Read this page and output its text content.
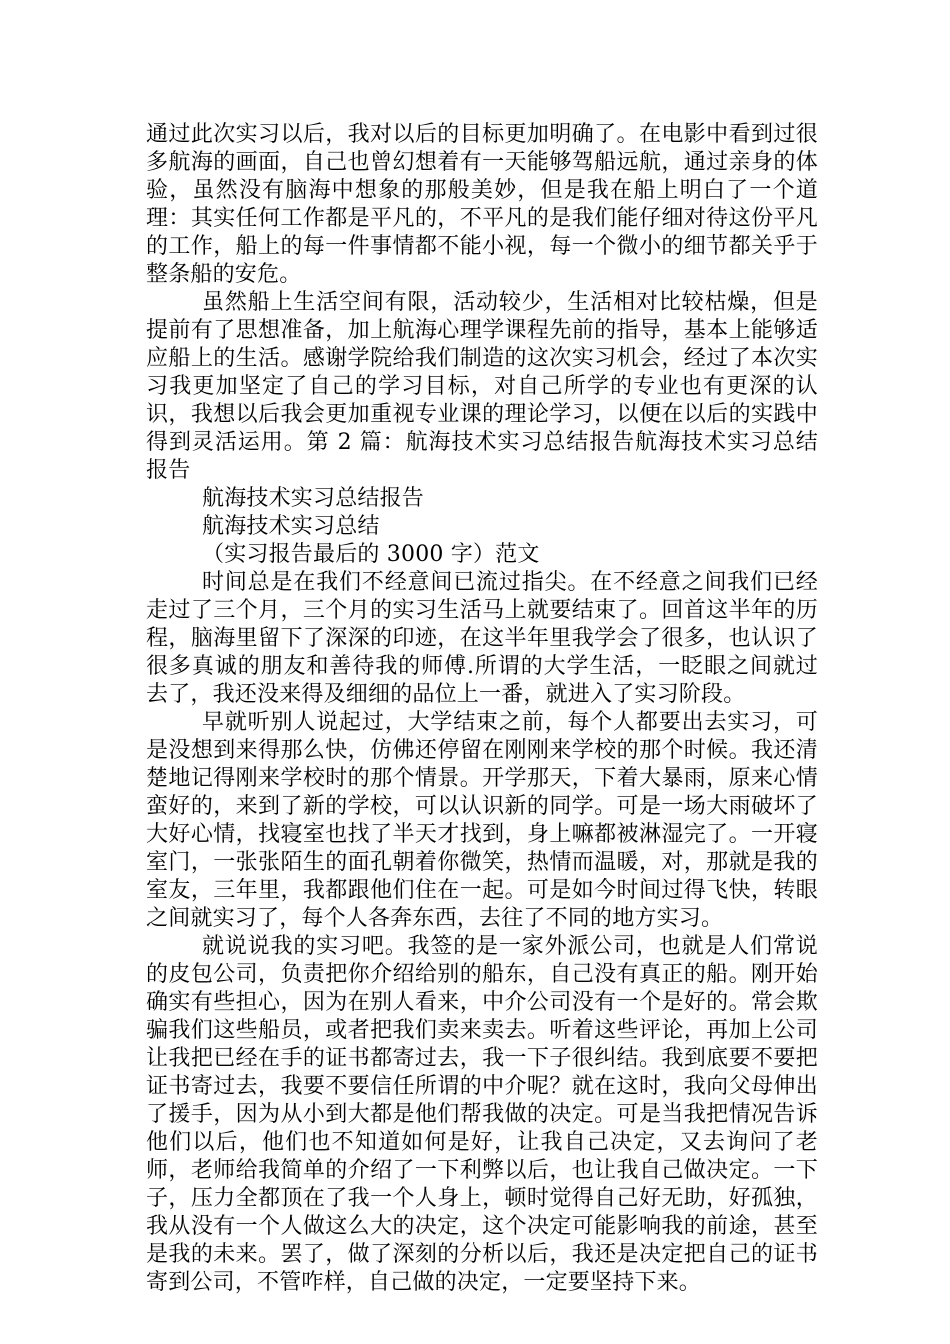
通过此次实习以后，我对以后的目标更加明确了。在电影中看到过很多航海的画面，自己也曾幻想着有一天能够驾船远航，通过亲身的体验，虽然没有脑海中想象的那般美妙，但是我在船上明白了一个道理：其实任何工作都是平凡的，不平凡的是我们能仔细对待这份平凡的工作，船上的每一件事情都不能小视，每一个微小的细节都关乎于整条船的安危。

虽然船上生活空间有限，活动较少，生活相对比较枯燥，但是提前有了思想准备，加上航海心理学课程先前的指导，基本上能够适应船上的生活。感谢学院给我们制造的这次实习机会，经过了本次实习我更加坚定了自己的学习目标，对自己所学的专业也有更深的认识，我想以后我会更加重视专业课的理论学习，以便在以后的实践中得到灵活运用。第 2 篇：航海技术实习总结报告航海技术实习总结报告

航海技术实习总结报告

航海技术实习总结

（实习报告最后的 3000 字）范文

时间总是在我们不经意间已流过指尖。在不经意之间我们已经走过了三个月，三个月的实习生活马上就要结束了。回首这半年的历程，脑海里留下了深深的印迹，在这半年里我学会了很多，也认识了很多真诚的朋友和善待我的师傅.所谓的大学生活，一眨眼之间就过去了，我还没来得及细细的品位上一番，就进入了实习阶段。

早就听别人说起过，大学结束之前，每个人都要出去实习，可是没想到来得那么快，仿佛还停留在刚刚来学校的那个时候。我还清楚地记得刚来学校时的那个情景。开学那天，下着大暴雨，原来心情蛮好的，来到了新的学校，可以认识新的同学。可是一场大雨破坏了大好心情，找寝室也找了半天才找到，身上嘛都被淋湿完了。一开寝室门，一张张陌生的面孔朝着你微笑，热情而温暖，对，那就是我的室友，三年里，我都跟他们住在一起。可是如今时间过得飞快，转眼之间就实习了，每个人各奔东西，去往了不同的地方实习。

就说说我的实习吧。我签的是一家外派公司，也就是人们常说的皮包公司，负责把你介绍给别的船东，自己没有真正的船。刚开始确实有些担心，因为在别人看来，中介公司没有一个是好的。常会欺骗我们这些船员，或者把我们卖来卖去。听着这些评论，再加上公司让我把已经在手的证书都寄过去，我一下子很纠结。我到底要不要把证书寄过去，我要不要信任所谓的中介呢？就在这时，我向父母伸出了援手，因为从小到大都是他们帮我做的决定。可是当我把情况告诉他们以后，他们也不知道如何是好，让我自己决定，又去询问了老师，老师给我简单的介绍了一下利弊以后，也让我自己做决定。一下子，压力全都顶在了我一个人身上，顿时觉得自己好无助，好孤独，我从没有一个人做这么大的决定，这个决定可能影响我的前途，甚至是我的未来。罢了，做了深刻的分析以后，我还是决定把自己的证书寄到公司，不管咋样，自己做的决定，一定要坚持下来。
